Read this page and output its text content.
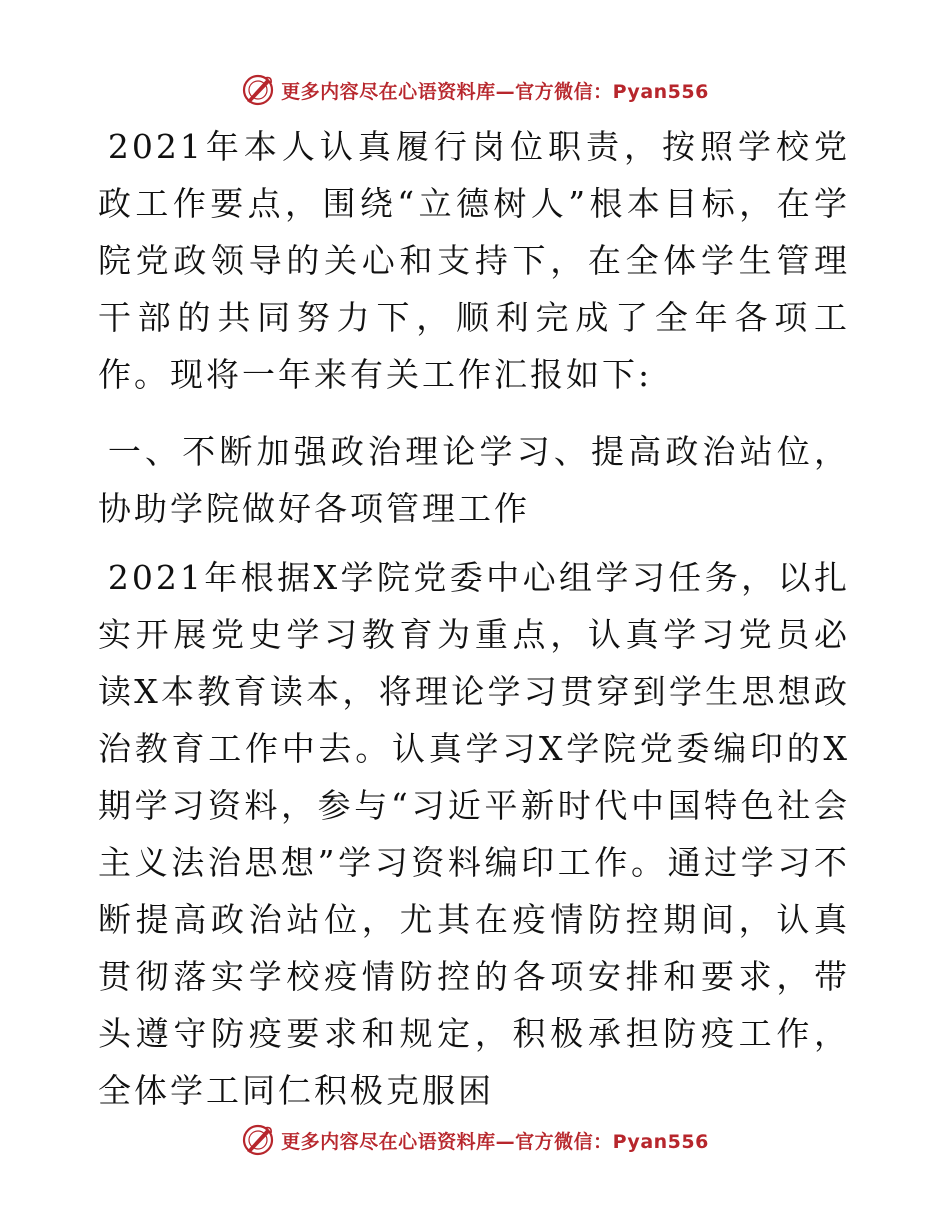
更多内容尽在心语资料库—官方微信：Pyan556

2021年本人认真履行岗位职责，按照学校党政工作要点，围绕“立德树人”根本目标，在学院党政领导的关心和支持下，在全体学生管理干部的共同努力下，顺利完成了全年各项工作。现将一年来有关工作汇报如下:

一、不断加强政治理论学习、提高政治站位，协助学院做好各项管理工作

2021年根据X学院党委中心组学习任务，以扎实开展党史学习教育为重点，认真学习党员必读X本教育读本，将理论学习贯穿到学生思想政治教育工作中去。认真学习X学院党委编印的X期学习资料，参与“习近平新时代中国特色社会主义法治思想”学习资料编印工作。通过学习不断提高政治站位，尤其在疫情防控期间，认真贯彻落实学校疫情防控的各项安排和要求，带头遵守防疫要求和规定，积极承担防疫工作，全体学工同仁积极克服困

更多内容尽在心语资料库—官方微信：Pyan556
